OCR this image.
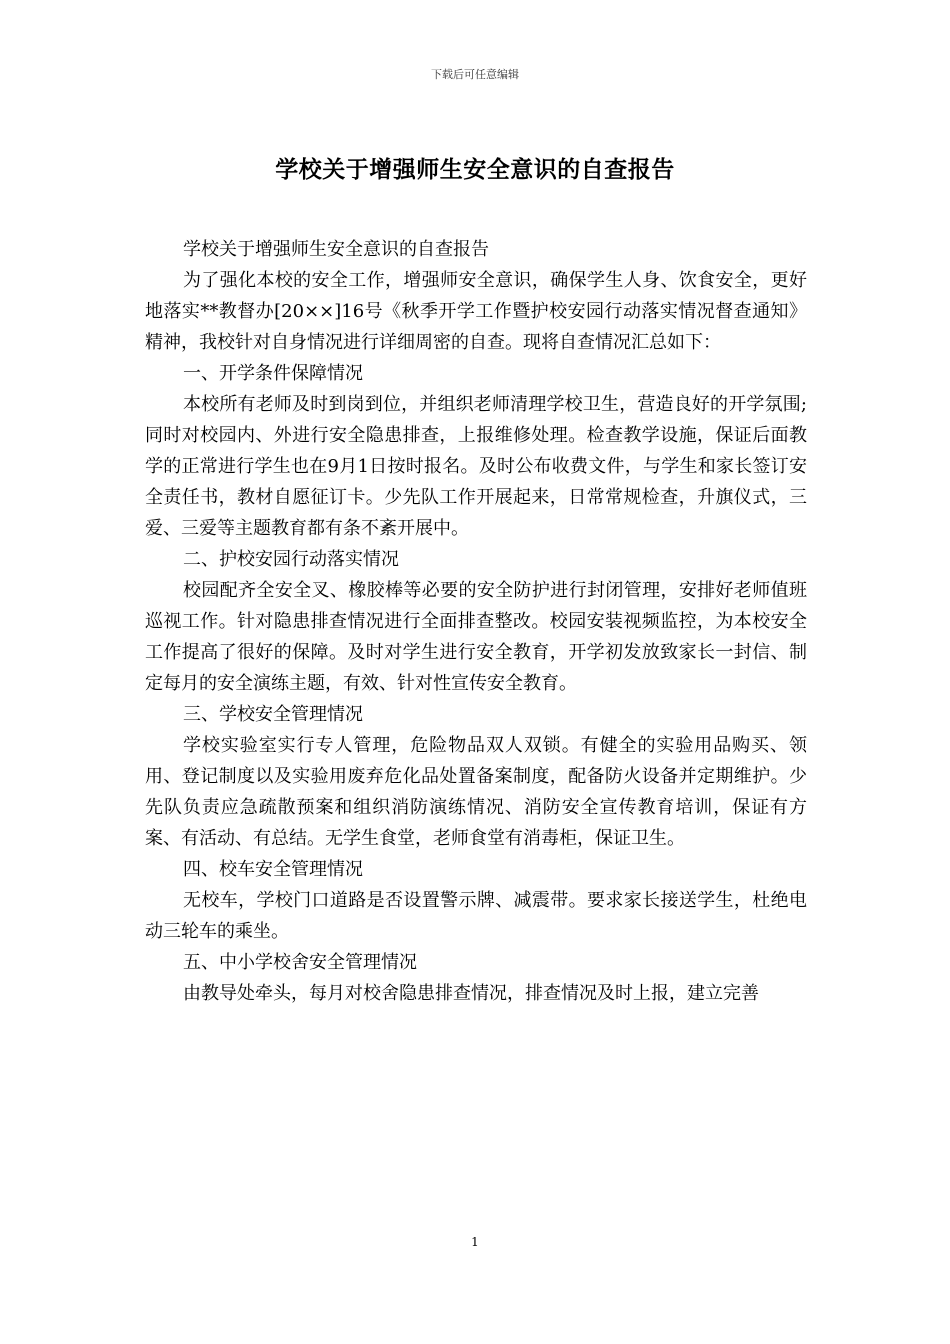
下载后可任意编辑
学校关于增强师生安全意识的自查报告

学校关于增强师生安全意识的自查报告

为了强化本校的安全工作，增强师安全意识，确保学生人身、饮食安全，更好地落实**教督办[20××]16号《秋季开学工作暨护校安园行动落实情况督查通知》精神，我校针对自身情况进行详细周密的自查。现将自查情况汇总如下：

一、开学条件保障情况

本校所有老师及时到岗到位，并组织老师清理学校卫生，营造良好的开学氛围;同时对校园内、外进行安全隐患排查，上报维修处理。检查教学设施，保证后面教学的正常进行学生也在9月1日按时报名。及时公布收费文件，与学生和家长签订安全责任书，教材自愿征订卡。少先队工作开展起来，日常常规检查，升旗仪式，三爱、三爱等主题教育都有条不紊开展中。

二、护校安园行动落实情况

校园配齐全安全叉、橡胶棒等必要的安全防护进行封闭管理，安排好老师值班巡视工作。针对隐患排查情况进行全面排查整改。校园安装视频监控，为本校安全工作提高了很好的保障。及时对学生进行安全教育，开学初发放致家长一封信、制定每月的安全演练主题，有效、针对性宣传安全教育。

三、学校安全管理情况

学校实验室实行专人管理，危险物品双人双锁。有健全的实验用品购买、领用、登记制度以及实验用废弃危化品处置备案制度，配备防火设备并定期维护。少先队负责应急疏散预案和组织消防演练情况、消防安全宣传教育培训，保证有方案、有活动、有总结。无学生食堂，老师食堂有消毒柜，保证卫生。

四、校车安全管理情况

无校车，学校门口道路是否设置警示牌、减震带。要求家长接送学生，杜绝电动三轮车的乘坐。

五、中小学校舍安全管理情况

由教导处牵头，每月对校舍隐患排查情况，排查情况及时上报，建立完善

1
